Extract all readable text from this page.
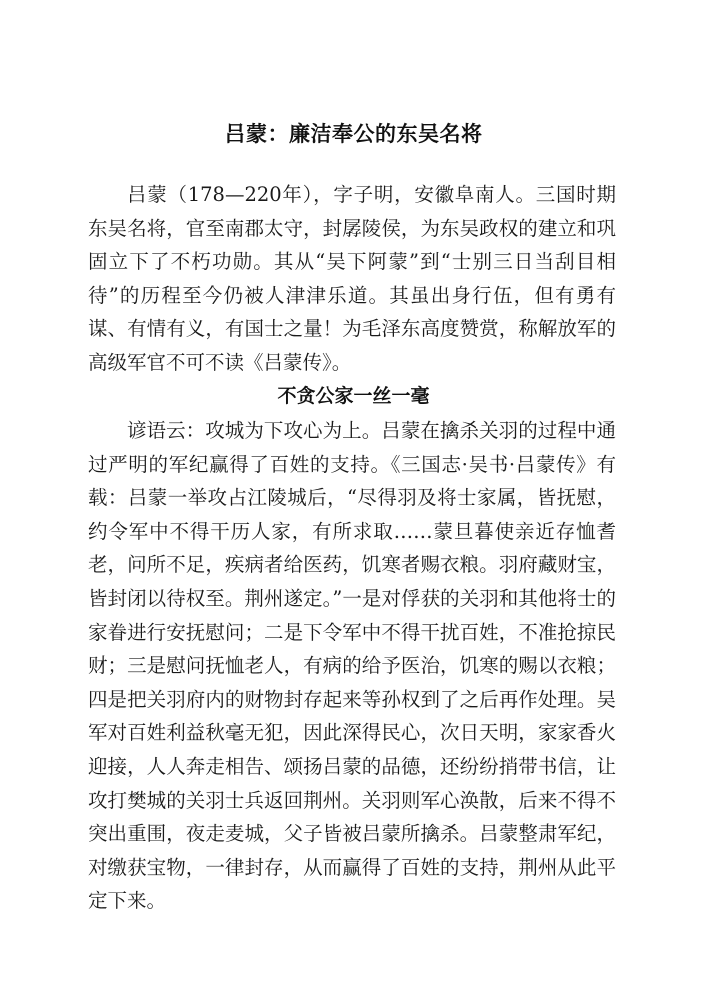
吕蒙：廉洁奉公的东吴名将

吕蒙（178—220年），字子明，安徽阜南人。三国时期东吴名将，官至南郡太守，封孱陵侯，为东吴政权的建立和巩固立下了不朽功勋。其从“吴下阿蒙”到“士别三日当刮目相待”的历程至今仍被人津津乐道。其虽出身行伍，但有勇有谋、有情有义，有国士之量！为毛泽东高度赞赏，称解放军的高级军官不可不读《吕蒙传》。

不贪公家一丝一毫

谚语云：攻城为下攻心为上。吕蒙在擒杀关羽的过程中通过严明的军纪赢得了百姓的支持。《三国志·吴书·吕蒙传》有载：吕蒙一举攻占江陵城后，“尽得羽及将士家属，皆抚慰，约令军中不得干历人家，有所求取……蒙旦暮使亲近存恤耆老，问所不足，疾病者给医药，饥寒者赐衣粮。羽府藏财宝，皆封闭以待权至。荆州遂定。”一是对俘获的关羽和其他将士的家眷进行安抚慰问；二是下令军中不得干扰百姓，不准抢掠民财；三是慰问抚恤老人，有病的给予医治，饥寒的赐以衣粮；四是把关羽府内的财物封存起来等孙权到了之后再作处理。吴军对百姓利益秋毫无犯，因此深得民心，次日天明，家家香火迎接，人人奔走相告、颂扬吕蒙的品德，还纷纷捎带书信，让攻打樊城的关羽士兵返回荆州。关羽则军心涣散，后来不得不突出重围，夜走麦城，父子皆被吕蒙所擒杀。吕蒙整肃军纪，对缴获宝物，一律封存，从而赢得了百姓的支持，荆州从此平定下来。
